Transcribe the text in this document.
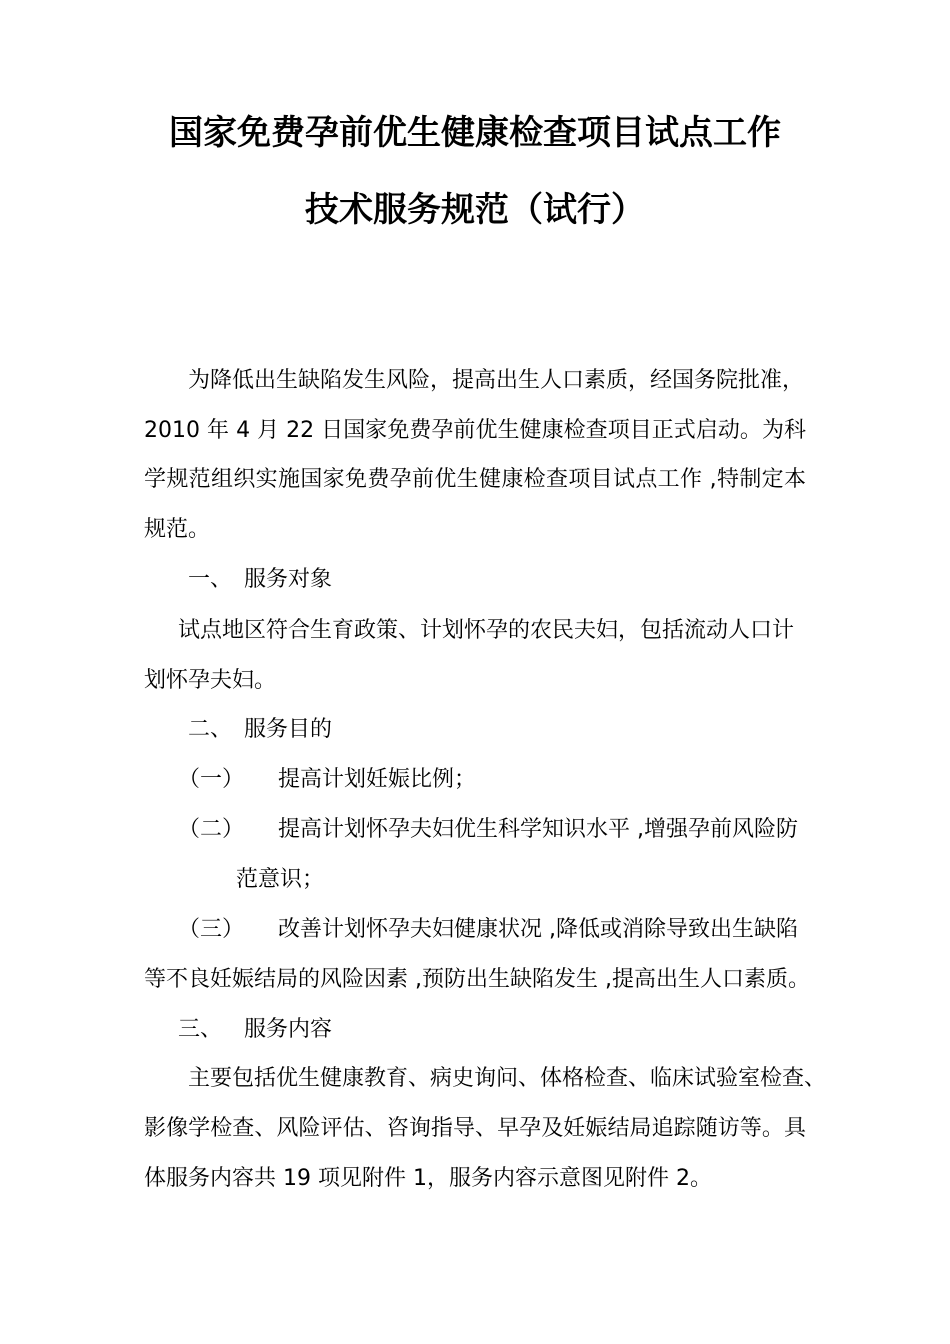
国家免费孕前优生健康检查项目试点工作
技术服务规范（试行）
为降低出生缺陷发生风险，提高出生人口素质，经国务院批准，
2010 年 4 月 22 日国家免费孕前优生健康检查项目正式启动。为科
学规范组织实施国家免费孕前优生健康检查项目试点工作 ,特制定本
规范。
一、 服务对象
试点地区符合生育政策、计划怀孕的农民夫妇，包括流动人口计
划怀孕夫妇。
二、 服务目的
（一） 提高计划妊娠比例；
（二） 提高计划怀孕夫妇优生科学知识水平 ,增强孕前风险防
范意识；
（三） 改善计划怀孕夫妇健康状况 ,降低或消除导致出生缺陷
等不良妊娠结局的风险因素 ,预防出生缺陷发生 ,提高出生人口素质。
三、 服务内容
主要包括优生健康教育、病史询问、体格检查、临床试验室检查、
影像学检查、风险评估、咨询指导、早孕及妊娠结局追踪随访等。具
体服务内容共 19 项见附件 1，服务内容示意图见附件 2。
